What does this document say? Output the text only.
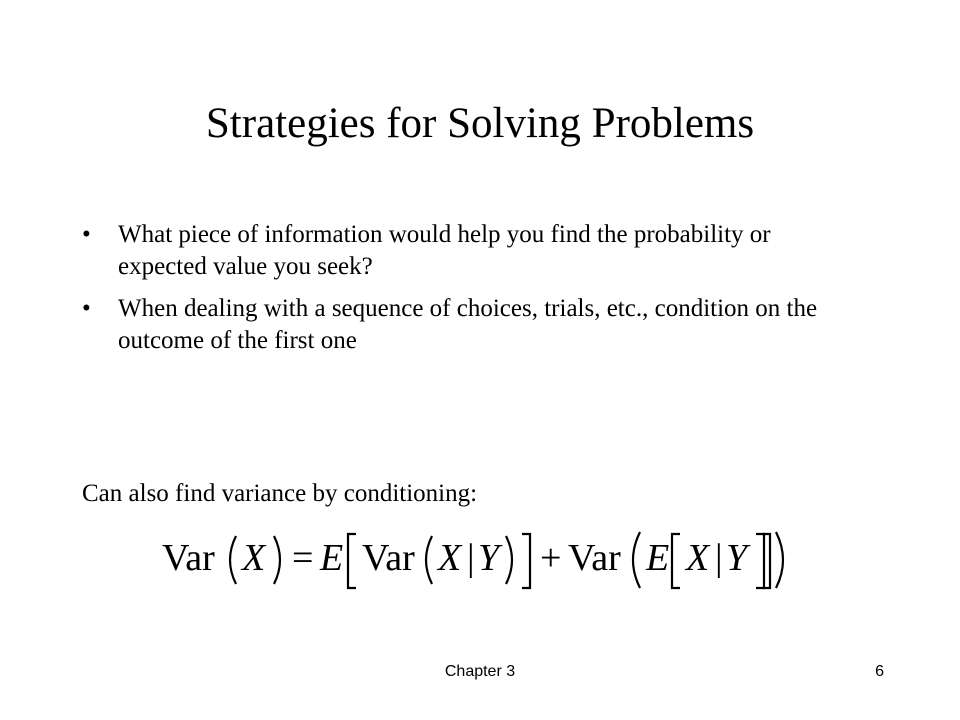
Strategies for Solving Problems
• What piece of information would help you find the probability or expected value you seek?
• When dealing with a sequence of choices, trials, etc., condition on the outcome of the first one
Can also find variance by conditioning:
Var X = E Var X | Y + Var E X | Y
Chapter 3	6
